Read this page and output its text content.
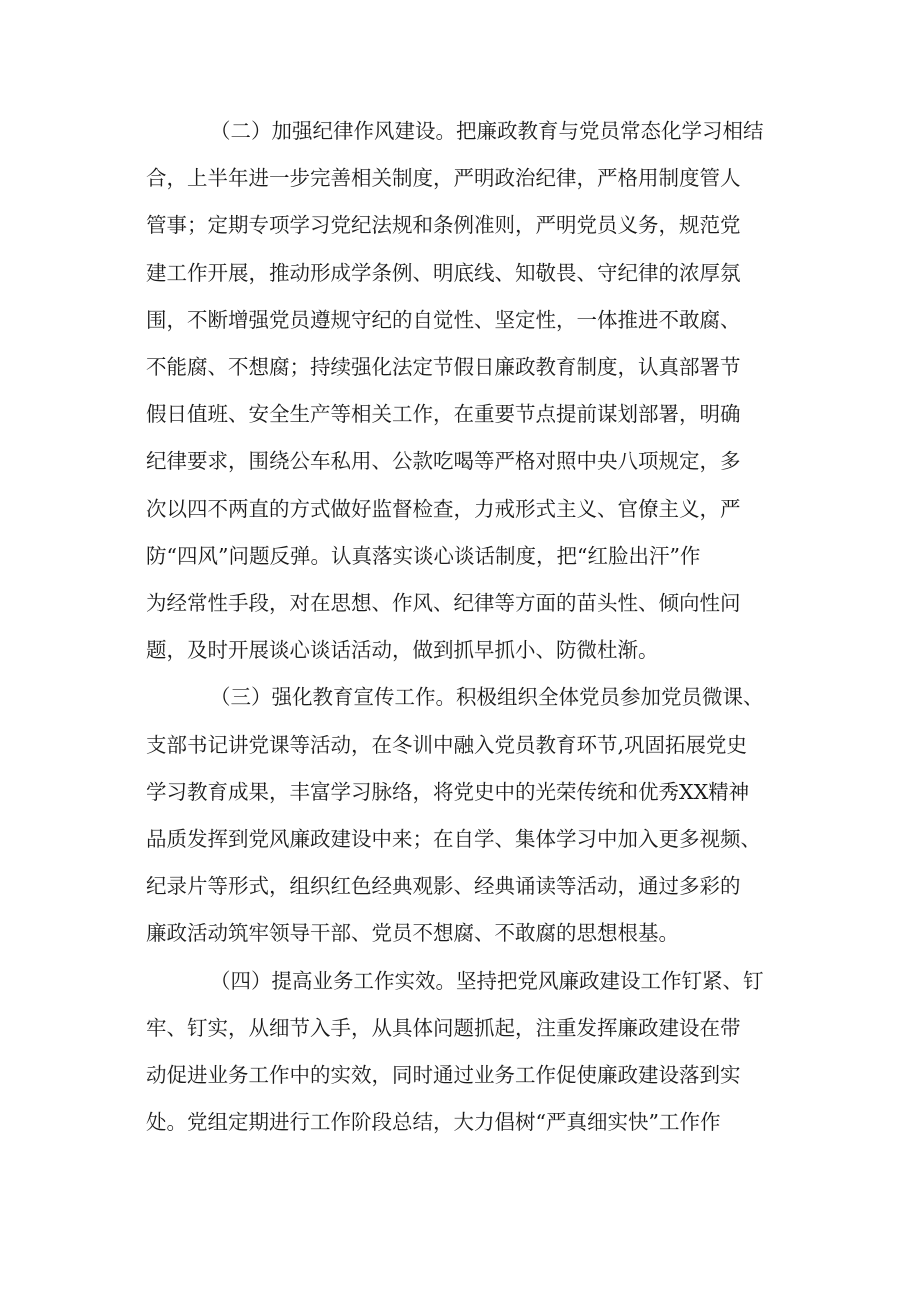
（二）加强纪律作风建设。把廉政教育与党员常态化学习相结
合，上半年进一步完善相关制度，严明政治纪律，严格用制度管人
管事；定期专项学习党纪法规和条例准则，严明党员义务，规范党
建工作开展，推动形成学条例、明底线、知敬畏、守纪律的浓厚氛
围，不断增强党员遵规守纪的自觉性、坚定性，一体推进不敢腐、
不能腐、不想腐；持续强化法定节假日廉政教育制度，认真部署节
假日值班、安全生产等相关工作，在重要节点提前谋划部署，明确
纪律要求，围绕公车私用、公款吃喝等严格对照中央八项规定，多
次以四不两直的方式做好监督检查，力戒形式主义、官僚主义，严
防“四风”问题反弹。认真落实谈心谈话制度，把“红脸出汗”作
为经常性手段，对在思想、作风、纪律等方面的苗头性、倾向性问
题，及时开展谈心谈话活动，做到抓早抓小、防微杜渐。

（三）强化教育宣传工作。积极组织全体党员参加党员微课、
支部书记讲党课等活动，在冬训中融入党员教育环节,巩固拓展党史
学习教育成果，丰富学习脉络，将党史中的光荣传统和优秀XX精神
品质发挥到党风廉政建设中来；在自学、集体学习中加入更多视频、
纪录片等形式，组织红色经典观影、经典诵读等活动，通过多彩的
廉政活动筑牢领导干部、党员不想腐、不敢腐的思想根基。

（四）提高业务工作实效。坚持把党风廉政建设工作钉紧、钉
牢、钉实，从细节入手，从具体问题抓起，注重发挥廉政建设在带
动促进业务工作中的实效，同时通过业务工作促使廉政建设落到实
处。党组定期进行工作阶段总结，大力倡树“严真细实快”工作作
